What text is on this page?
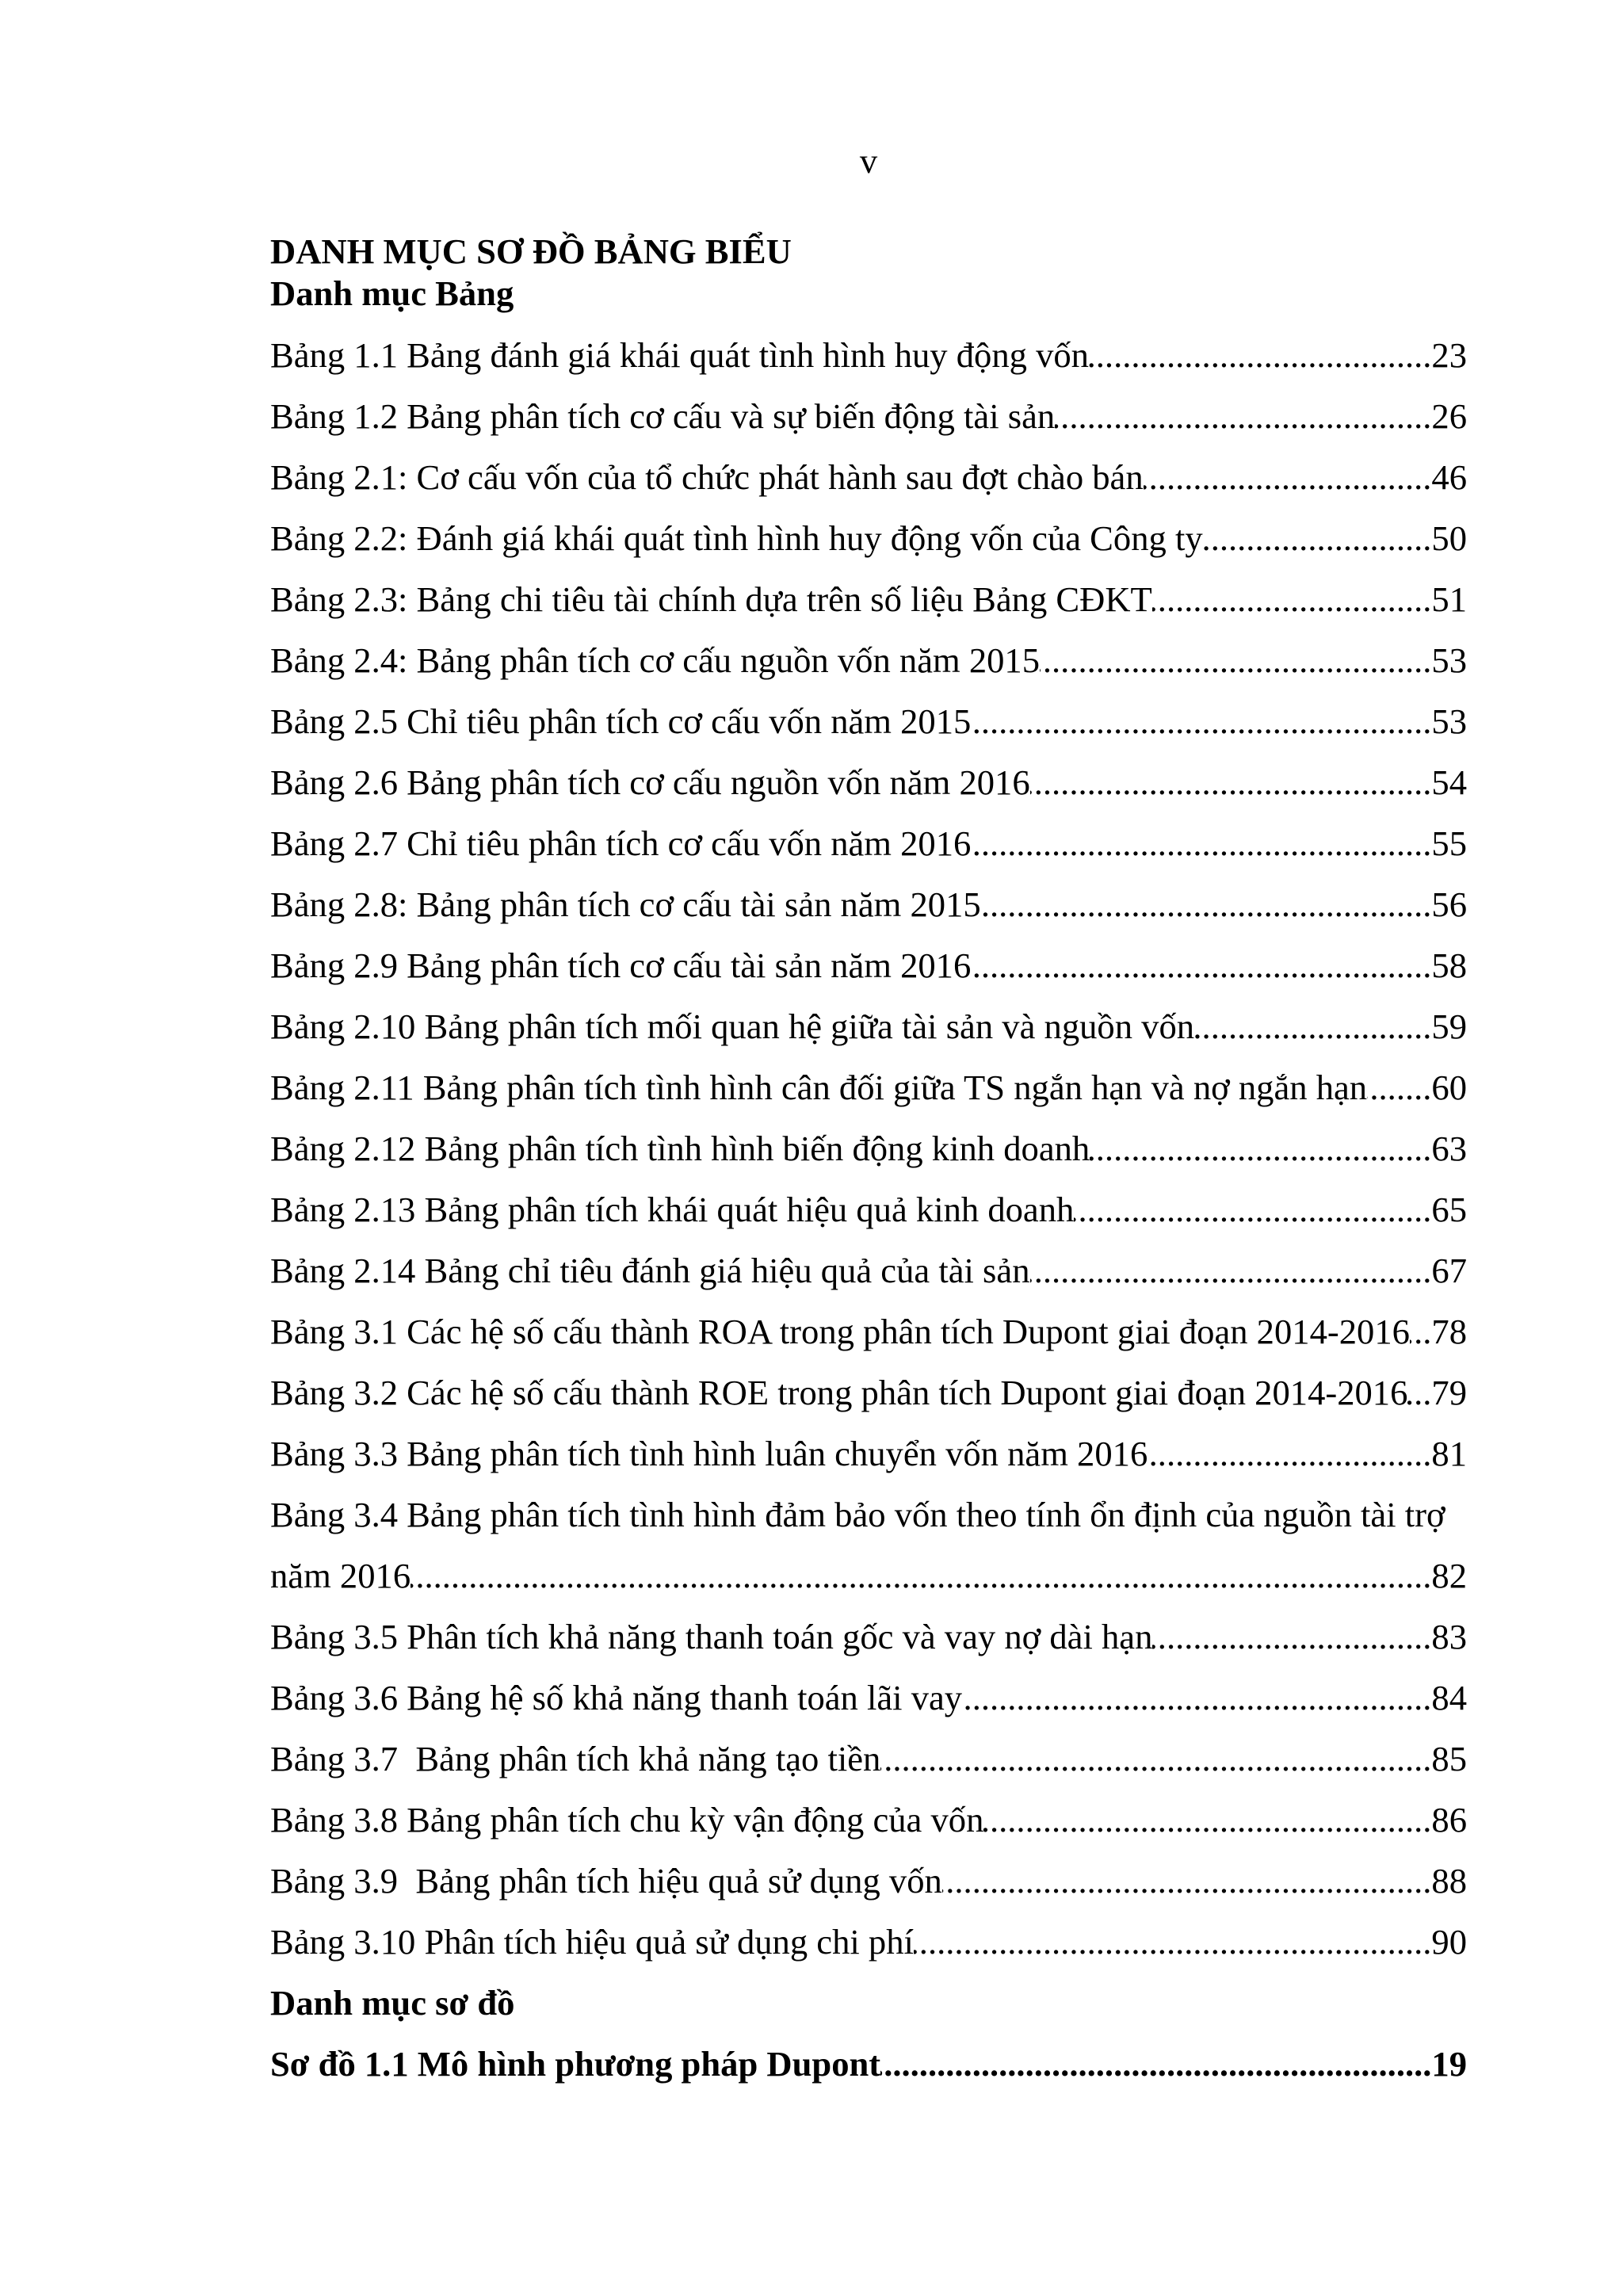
v
DANH MỤC SƠ ĐỒ BẢNG BIỂU
Danh mục Bảng
Bảng 1.1 Bảng đánh giá khái quát tình hình huy động vốn .....	23
Bảng 1.2 Bảng phân tích cơ cấu và sự biến động tài sản .....	26
Bảng 2.1: Cơ cấu vốn của tổ chức phát hành sau đợt chào bán .....	46
Bảng 2.2: Đánh giá khái quát tình hình huy động vốn của Công ty .....	50
Bảng 2.3: Bảng chi tiêu tài chính dựa trên số liệu Bảng CĐKT .....	51
Bảng 2.4: Bảng phân tích cơ cấu nguồn vốn năm 2015 .....	53
Bảng 2.5 Chỉ tiêu phân tích cơ cấu vốn năm 2015 .....	53
Bảng 2.6 Bảng phân tích cơ cấu nguồn vốn năm 2016 .....	54
Bảng 2.7 Chỉ tiêu phân tích cơ cấu vốn năm 2016 .....	55
Bảng 2.8: Bảng phân tích cơ cấu tài sản năm 2015 .....	56
Bảng 2.9 Bảng phân tích cơ cấu tài sản năm 2016 .....	58
Bảng 2.10 Bảng phân tích mối quan hệ giữa tài sản và nguồn vốn .....	59
Bảng 2.11 Bảng phân tích tình hình cân đối giữa TS ngắn hạn và nợ ngắn hạn ..... 60
Bảng 2.12 Bảng phân tích tình hình biến động kinh doanh .....	63
Bảng 2.13 Bảng phân tích khái quát hiệu quả kinh doanh .....	65
Bảng 2.14 Bảng chỉ tiêu đánh giá hiệu quả của tài sản .....	67
Bảng 3.1 Các hệ số cấu thành ROA trong phân tích Dupont giai đoạn 2014-2016 ..... 78
Bảng 3.2 Các hệ số cấu thành ROE trong phân tích Dupont giai đoạn 2014-2016 ..... 79
Bảng 3.3 Bảng phân tích tình hình luân chuyển vốn năm 2016 .....	81
Bảng 3.4 Bảng phân tích tình hình đảm bảo vốn theo tính ổn định của nguồn tài trợ
năm 2016 .....	82
Bảng 3.5 Phân tích khả năng thanh toán gốc và vay nợ dài hạn .....	83
Bảng 3.6 Bảng hệ số khả năng thanh toán lãi vay .....	84
Bảng 3.7  Bảng phân tích khả năng tạo tiền .....	85
Bảng 3.8 Bảng phân tích chu kỳ vận động của vốn .....	86
Bảng 3.9  Bảng phân tích hiệu quả sử dụng vốn .....	88
Bảng 3.10 Phân tích hiệu quả sử dụng chi phí .....	90
Danh mục sơ đồ
Sơ đồ 1.1 Mô hình phương pháp Dupont .....	19
